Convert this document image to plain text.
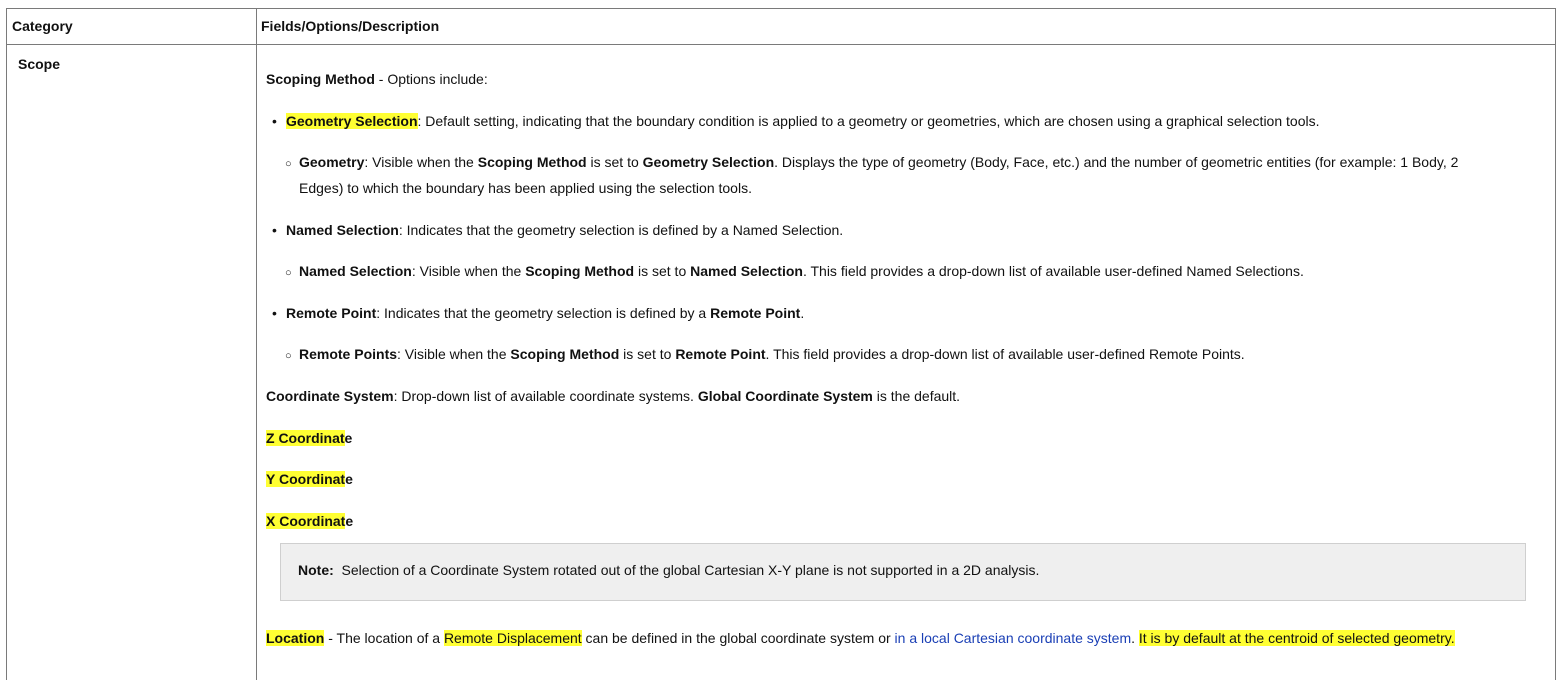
Category	Fields/Options/Description
Scope
Scoping Method - Options include:
• Geometry Selection: Default setting, indicating that the boundary condition is applied to a geometry or geometries, which are chosen using a graphical selection tools.
○ Geometry: Visible when the Scoping Method is set to Geometry Selection. Displays the type of geometry (Body, Face, etc.) and the number of geometric entities (for example: 1 Body, 2
Edges) to which the boundary has been applied using the selection tools.
• Named Selection: Indicates that the geometry selection is defined by a Named Selection.
○ Named Selection: Visible when the Scoping Method is set to Named Selection. This field provides a drop-down list of available user-defined Named Selections.
• Remote Point: Indicates that the geometry selection is defined by a Remote Point.
○ Remote Points: Visible when the Scoping Method is set to Remote Point. This field provides a drop-down list of available user-defined Remote Points.
Coordinate System: Drop-down list of available coordinate systems. Global Coordinate System is the default.
Z Coordinate
Y Coordinate
X Coordinate
Note:  Selection of a Coordinate System rotated out of the global Cartesian X-Y plane is not supported in a 2D analysis.
Location - The location of a Remote Displacement can be defined in the global coordinate system or in a local Cartesian coordinate system. It is by default at the centroid of selected geometry.
